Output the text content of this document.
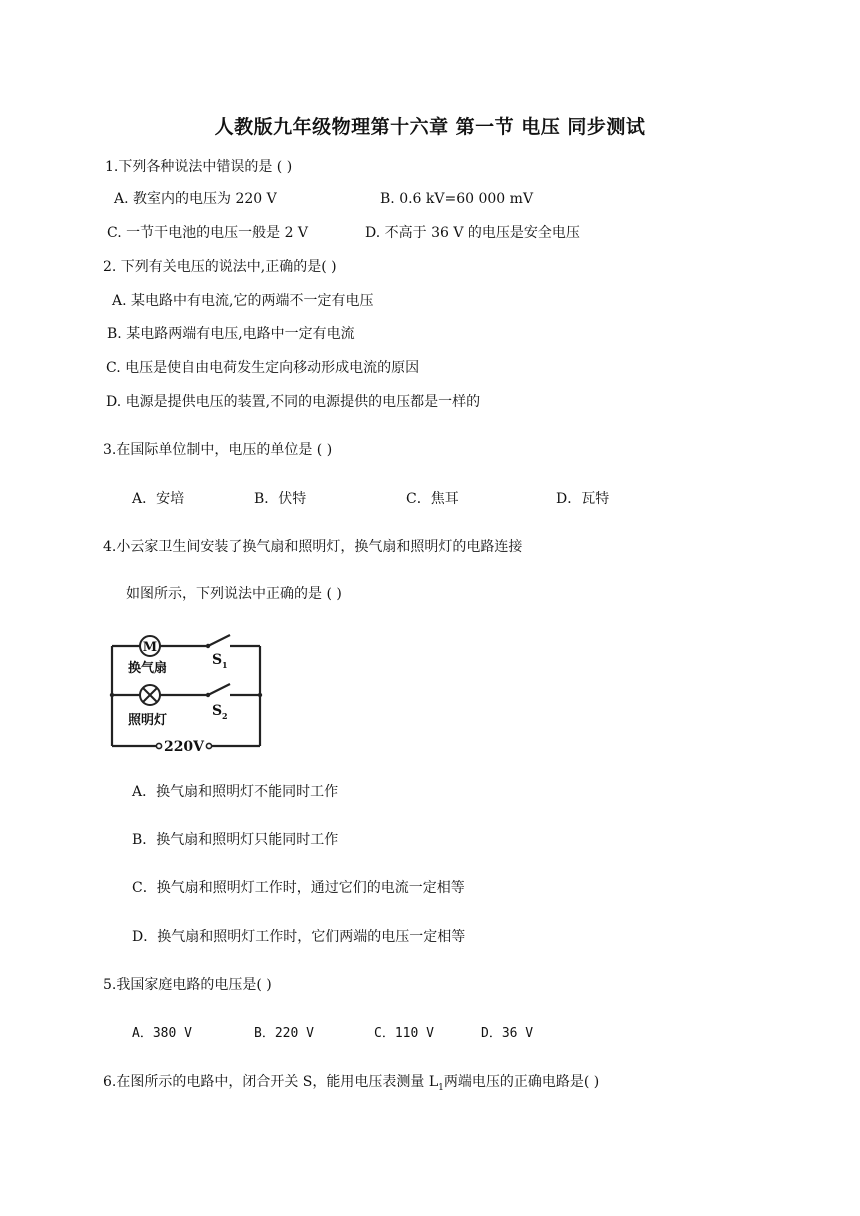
人教版九年级物理第十六章 第一节 电压 同步测试
1.下列各种说法中错误的是 ( )
A. 教室内的电压为 220 V	B. 0.6 kV=60 000 mV
C. 一节干电池的电压一般是 2 V	D. 不高于 36 V 的电压是安全电压
2. 下列有关电压的说法中,正确的是( )
A. 某电路中有电流,它的两端不一定有电压
B. 某电路两端有电压,电路中一定有电流
C. 电压是使自由电荷发生定向移动形成电流的原因
D. 电源是提供电压的装置,不同的电源提供的电压都是一样的
3.在国际单位制中，电压的单位是 ( )
A．安培	B．伏特	C．焦耳	D．瓦特
4.小云家卫生间安装了换气扇和照明灯，换气扇和照明灯的电路连接
如图所示，下列说法中正确的是 ( )
M
换气扇
照明灯
S 1
S 2
220V
A．换气扇和照明灯不能同时工作
B．换气扇和照明灯只能同时工作
C．换气扇和照明灯工作时，通过它们的电流一定相等
D．换气扇和照明灯工作时，它们两端的电压一定相等
5.我国家庭电路的电压是( )
A．380 V	B．220 V	C．110 V	D．36 V
6.在图所示的电路中，闭合开关 S，能用电压表测量 $L_1$两端电压的正确电路是( )
